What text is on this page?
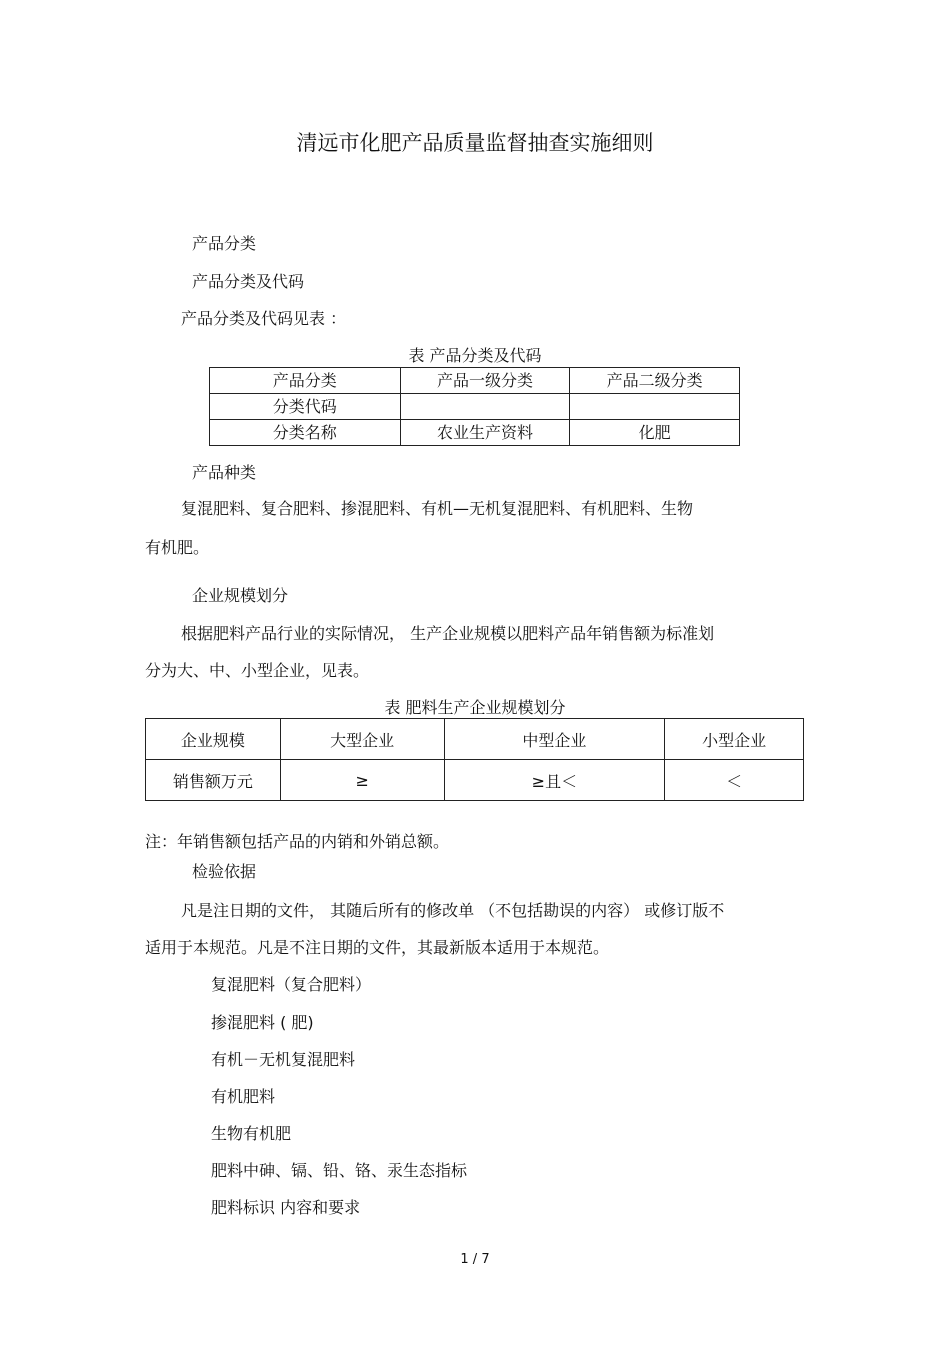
清远市化肥产品质量监督抽查实施细则
产品分类
产品分类及代码
产品分类及代码见表 ：
表 产品分类及代码
产品分类	产品一级分类	产品二级分类
分类代码		
分类名称	农业生产资料	化肥
产品种类
复混肥料、复合肥料、掺混肥料、有机—无机复混肥料、有机肥料、生物
有机肥。
企业规模划分
根据肥料产品行业的实际情况， 生产企业规模以肥料产品年销售额为标准划
分为大、中、小型企业，见表。
表 肥料生产企业规模划分
企业规模	大型企业	中型企业	小型企业
销售额万元	≥	≥且＜	＜
注：年销售额包括产品的内销和外销总额。
检验依据
凡是注日期的文件， 其随后所有的修改单 （不包括勘误的内容） 或修订版不
适用于本规范。凡是不注日期的文件，其最新版本适用于本规范。
复混肥料（复合肥料）
掺混肥料 ( 肥)
有机－无机复混肥料
有机肥料
生物有机肥
肥料中砷、镉、铅、铬、汞生态指标
肥料标识 内容和要求
1 / 7
